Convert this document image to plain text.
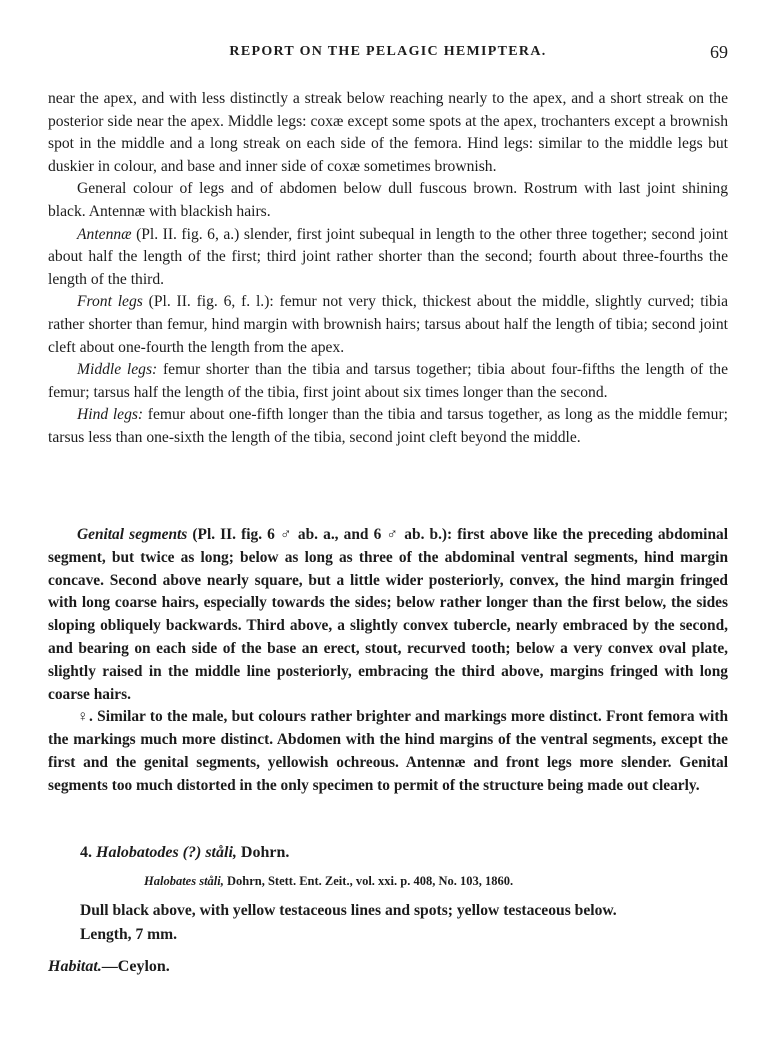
REPORT ON THE PELAGIC HEMIPTERA.	69

near the apex, and with less distinctly a streak below reaching nearly to the apex, and a short streak on the posterior side near the apex. Middle legs: coxæ except some spots at the apex, trochanters except a brownish spot in the middle and a long streak on each side of the femora. Hind legs: similar to the middle legs but duskier in colour, and base and inner side of coxæ sometimes brownish.

General colour of legs and of abdomen below dull fuscous brown. Rostrum with last joint shining black. Antennæ with blackish hairs.

Antennæ (Pl. II. fig. 6, a.) slender, first joint subequal in length to the other three together; second joint about half the length of the first; third joint rather shorter than the second; fourth about three-fourths the length of the third.

Front legs (Pl. II. fig. 6, f. l.): femur not very thick, thickest about the middle, slightly curved; tibia rather shorter than femur, hind margin with brownish hairs; tarsus about half the length of tibia; second joint cleft about one-fourth the length from the apex.

Middle legs: femur shorter than the tibia and tarsus together; tibia about four-fifths the length of the femur; tarsus half the length of the tibia, first joint about six times longer than the second.

Hind legs: femur about one-fifth longer than the tibia and tarsus together, as long as the middle femur; tarsus less than one-sixth the length of the tibia, second joint cleft beyond the middle.

Genital segments (Pl. II. fig. 6 ♂ ab. a., and 6 ♂ ab. b.): first above like the preceding abdominal segment, but twice as long; below as long as three of the abdominal ventral segments, hind margin concave. Second above nearly square, but a little wider posteriorly, convex, the hind margin fringed with long coarse hairs, especially towards the sides; below rather longer than the first below, the sides sloping obliquely backwards. Third above, a slightly convex tubercle, nearly embraced by the second, and bearing on each side of the base an erect, stout, recurved tooth; below a very convex oval plate, slightly raised in the middle line posteriorly, embracing the third above, margins fringed with long coarse hairs.

♀. Similar to the male, but colours rather brighter and markings more distinct. Front femora with the markings much more distinct. Abdomen with the hind margins of the ventral segments, except the first and the genital segments, yellowish ochreous. Antennæ and front legs more slender. Genital segments too much distorted in the only specimen to permit of the structure being made out clearly.

4. Halobatodes (?) ståli, Dohrn.
Halobates ståli, Dohrn, Stett. Ent. Zeit., vol. xxi. p. 408, No. 103, 1860.
Dull black above, with yellow testaceous lines and spots; yellow testaceous below.
Length, 7 mm.
Habitat.—Ceylon.
